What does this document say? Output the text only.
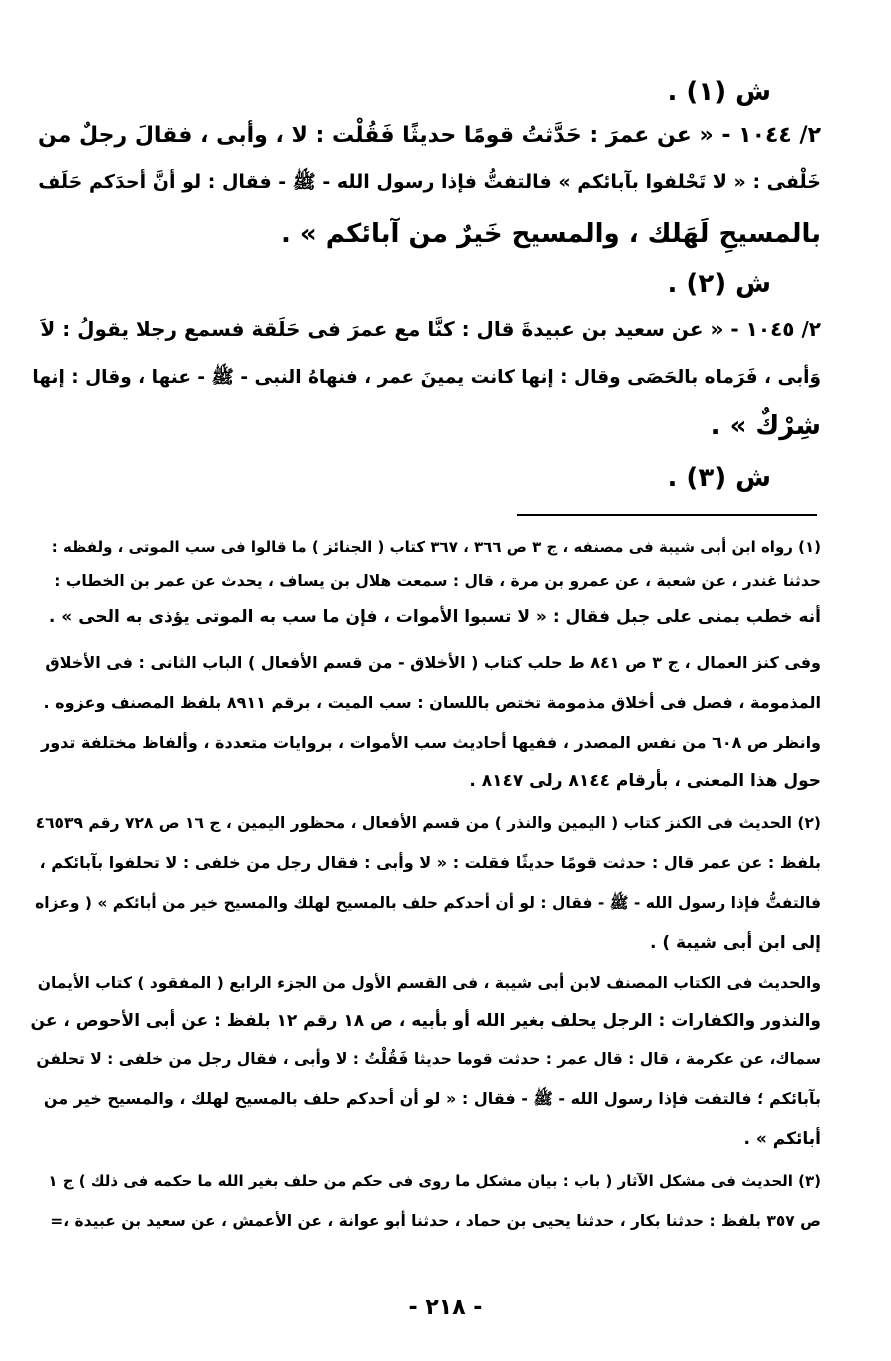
ش (١) .
٢/ ١٠٤٤ - « عن عمرَ : حَدَّثتُ قومًا حديثًا فَقُلْت : لا ، وأبى ، فقالَ رجلٌ من
خَلْفى : « لا تَحْلفوا بآبائكم » فالتفتُّ فإذا رسول الله - ﷺ - فقال : لو أنَّ أحدَكم حَلَف
بالمسيحِ لَهَلك ، والمسيح خَيرٌ من آبائكم » .
ش (٢) .
٢/ ١٠٤٥ - « عن سعيد بن عبيدةَ قال : كنَّا مع عمرَ فى حَلَقة فسمع رجلا يقولُ : لاَ
وَأبى ، فَرَماه بالحَصَى وقال : إنها كانت يمينَ عمر ، فنهاهُ النبى - ﷺ - عنها ، وقال : إنها
شِرْكٌ » .
ش (٣) .
(١) رواه ابن أبى شيبة فى مصنفه ، ج ٣ ص ٣٦٦ ، ٣٦٧ كتاب ( الجنائز ) ما قالوا فى سب الموتى ، ولفظه :
حدثنا غندر ، عن شعبة ، عن عمرو بن مرة ، قال : سمعت هلال بن يساف ، يحدث عن عمر بن الخطاب :
أنه خطب بمنى على جبل فقال : « لا تسبوا الأموات ، فإن ما سب به الموتى يؤذى به الحى » .
وفى كنز العمال ، ج ٣ ص ٨٤١ ط حلب كتاب ( الأخلاق - من قسم الأفعال ) الباب الثانى : فى الأخلاق
المذمومة ، فصل فى أخلاق مذمومة تختص باللسان : سب الميت ، برقم ٨٩١١ بلفظ المصنف وعزوه .
وانظر ص ٦٠٨ من نفس المصدر ، ففيها أحاديث سب الأموات ، بروايات متعددة ، وألفاظ مختلفة تدور
حول هذا المعنى ، بأرقام ٨١٤٤ رلى ٨١٤٧ .
(٢) الحديث فى الكنز كتاب ( اليمين والنذر ) من قسم الأفعال ، محظور اليمين ، ج ١٦ ص ٧٢٨ رقم ٤٦٥٣٩
بلفظ : عن عمر قال : حدثت قومًا حديثًا فقلت : « لا وأبى : فقال رجل من خلفى : لا تحلفوا بآبائكم ،
فالتفتُّ فإذا رسول الله - ﷺ - فقال : لو أن أحدكم حلف بالمسيح لهلك والمسيح خير من أبائكم » ( وعزاه
إلى ابن أبى شيبة ) .
والحديث فى الكتاب المصنف لابن أبى شيبة ، فى القسم الأول من الجزء الرابع ( المفقود ) كتاب الأيمان
والنذور والكفارات : الرجل يحلف بغير الله أو بأبيه ، ص ١٨ رقم ١٢ بلفظ : عن أبى الأحوص ، عن
سماك، عن عكرمة ، قال : قال عمر : حدثت قوما حديثا فَقُلْتُ : لا وأبى ، فقال رجل من خلفى : لا تحلفن
بآبائكم ؛ فالتفت فإذا رسول الله - ﷺ - فقال : « لو أن أحدكم حلف بالمسيح لهلك ، والمسيح خير من
أبائكم » .
(٣) الحديث فى مشكل الآثار ( باب : بيان مشكل ما روى فى حكم من حلف بغير الله ما حكمه فى ذلك ) ج ١
ص ٣٥٧ بلفظ : حدثنا بكار ، حدثنا يحيى بن حماد ، حدثنا أبو عوانة ، عن الأعمش ، عن سعيد بن عبيدة ،=
- ٢١٨ -
